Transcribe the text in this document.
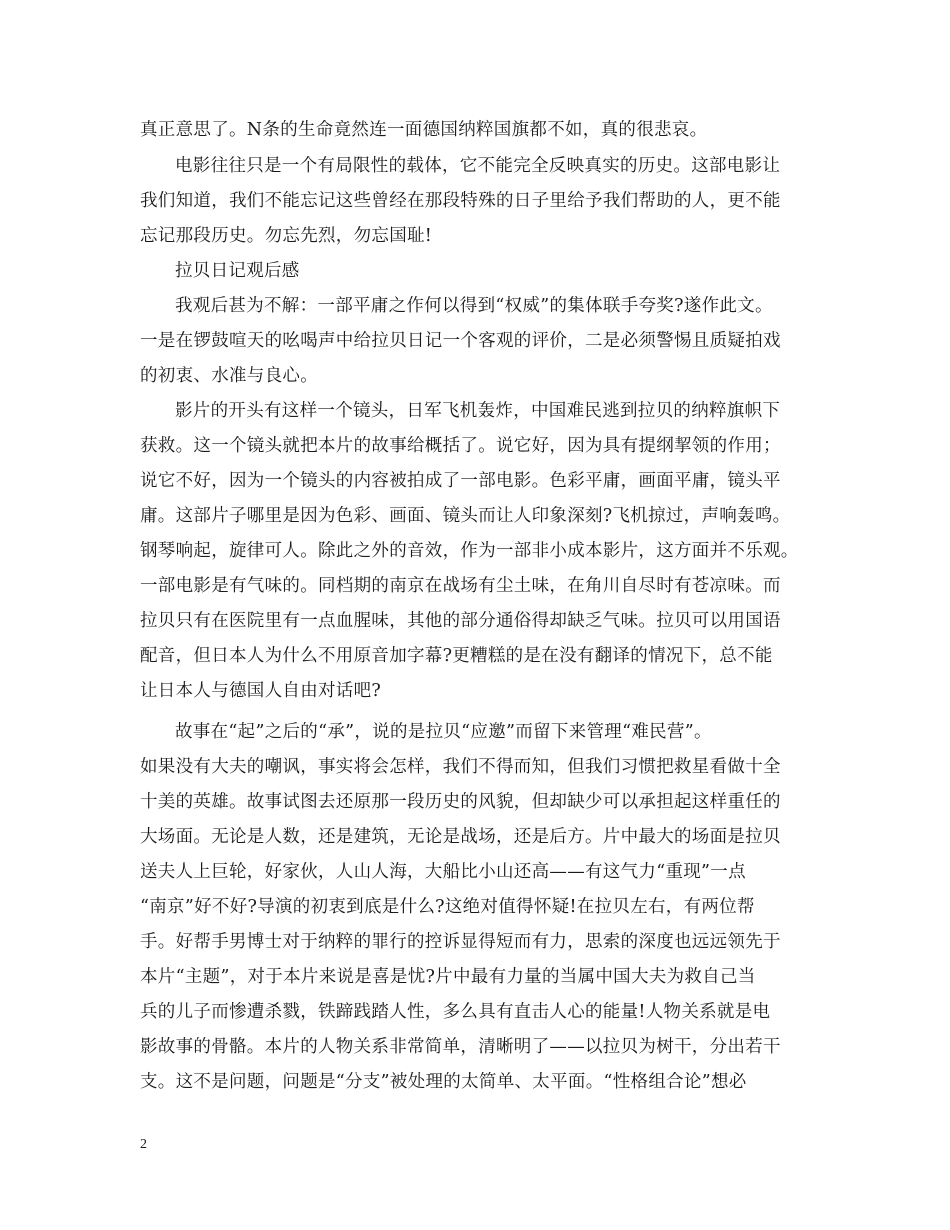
真正意思了。N条的生命竟然连一面德国纳粹国旗都不如，真的很悲哀。
电影往往只是一个有局限性的载体，它不能完全反映真实的历史。这部电影让
我们知道，我们不能忘记这些曾经在那段特殊的日子里给予我们帮助的人，更不能
忘记那段历史。勿忘先烈，勿忘国耻!
拉贝日记观后感
我观后甚为不解：一部平庸之作何以得到“权威”的集体联手夸奖?遂作此文。
一是在锣鼓喧天的吆喝声中给拉贝日记一个客观的评价，二是必须警惕且质疑拍戏
的初衷、水准与良心。
影片的开头有这样一个镜头，日军飞机轰炸，中国难民逃到拉贝的纳粹旗帜下
获救。这一个镜头就把本片的故事给概括了。说它好，因为具有提纲挈领的作用；
说它不好，因为一个镜头的内容被拍成了一部电影。色彩平庸，画面平庸，镜头平
庸。这部片子哪里是因为色彩、画面、镜头而让人印象深刻?飞机掠过，声响轰鸣。
钢琴响起，旋律可人。除此之外的音效，作为一部非小成本影片，这方面并不乐观。
一部电影是有气味的。同档期的南京在战场有尘土味，在角川自尽时有苍凉味。而
拉贝只有在医院里有一点血腥味，其他的部分通俗得却缺乏气味。拉贝可以用国语
配音，但日本人为什么不用原音加字幕?更糟糕的是在没有翻译的情况下，总不能
让日本人与德国人自由对话吧?
故事在“起”之后的“承”，说的是拉贝“应邀”而留下来管理“难民营”。
如果没有大夫的嘲讽，事实将会怎样，我们不得而知，但我们习惯把救星看做十全
十美的英雄。故事试图去还原那一段历史的风貌，但却缺少可以承担起这样重任的
大场面。无论是人数，还是建筑，无论是战场，还是后方。片中最大的场面是拉贝
送夫人上巨轮，好家伙，人山人海，大船比小山还高——有这气力“重现”一点
“南京”好不好?导演的初衷到底是什么?这绝对值得怀疑!在拉贝左右，有两位帮
手。好帮手男博士对于纳粹的罪行的控诉显得短而有力，思索的深度也远远领先于
本片“主题”，对于本片来说是喜是忧?片中最有力量的当属中国大夫为救自己当
兵的儿子而惨遭杀戮，铁蹄践踏人性，多么具有直击人心的能量!人物关系就是电
影故事的骨骼。本片的人物关系非常简单，清晰明了——以拉贝为树干，分出若干
支。这不是问题，问题是“分支”被处理的太简单、太平面。“性格组合论”想必
2
